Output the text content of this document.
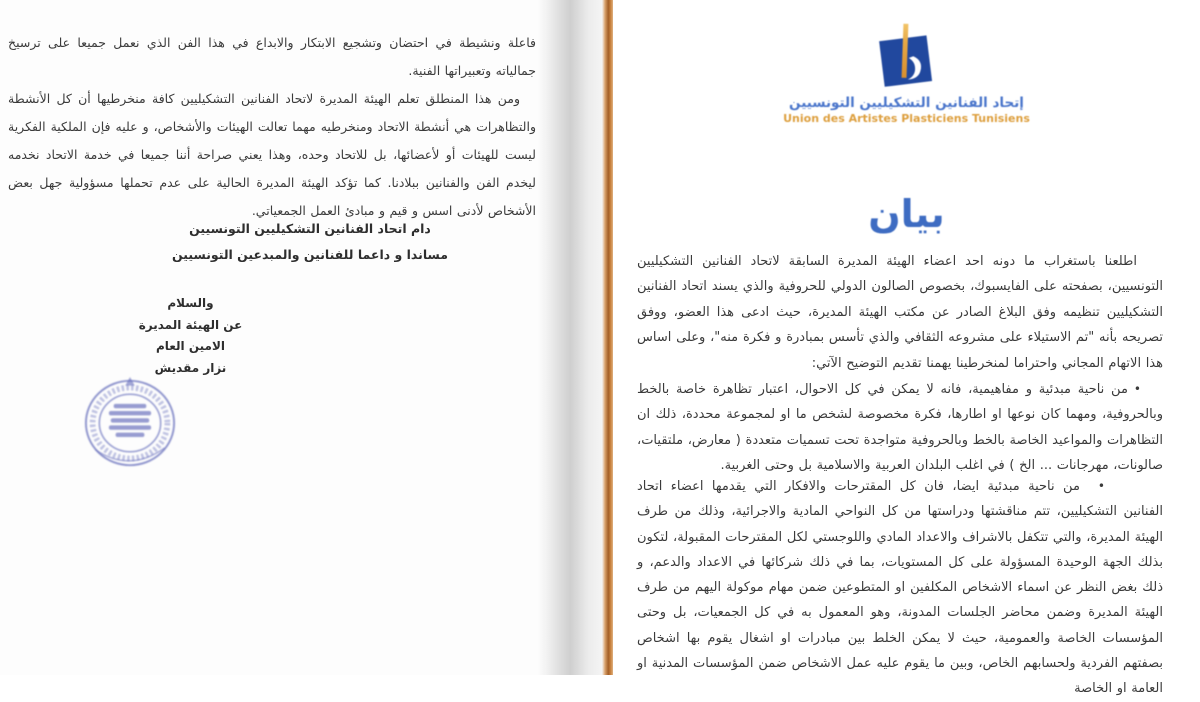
فاعلة ونشيطة في احتضان وتشجيع الابتكار والابداع في هذا الفن الذي نعمل جميعا على ترسيخ جمالياته وتعبيراتها الفنية.

ومن هذا المنطلق تعلم الهيئة المديرة لاتحاد الفنانين التشكيليين كافة منخرطيها أن كل الأنشطة والتظاهرات هي أنشطة الاتحاد ومنخرطيه مهما تعالت الهيئات والأشخاص، و عليه فإن الملكية الفكرية ليست للهيئات أو لأعضائها، بل للاتحاد وحده، وهذا يعني صراحة أننا جميعا في خدمة الاتحاد نخدمه ليخدم الفن والفنانين ببلادنا. كما تؤكد الهيئة المديرة الحالية على عدم تحملها مسؤولية جهل بعض الأشخاص لأدنى اسس و قيم و مبادئ العمل الجمعياتي.

دام اتحاد الفنانين التشكيليين التونسيين
مساندا و داعما للفنانين والمبدعين التونسيين
والسلام
عن الهيئة المديرة
الامين العام
نزار مقديش
إتحاد الفنانين التشكيليين التونسيين
Union des Artistes Plasticiens Tunisiens
بيان

اطلعنا باستغراب ما دونه احد اعضاء الهيئة المديرة السابقة لاتحاد الفنانين التشكيليين التونسيين، بصفحته على الفايسبوك، بخصوص الصالون الدولي للحروفية والذي يسند اتحاد الفنانين التشكيليين تنظيمه وفق البلاغ الصادر عن مكتب الهيئة المديرة، حيث ادعى هذا العضو، ووفق تصريحه بأنه "تم الاستيلاء على مشروعه الثقافي والذي تأسس بمبادرة و فكرة منه"، وعلى اساس هذا الاتهام المجاني واحتراما لمنخرطينا يهمنا تقديم التوضيح الآتي:

•من ناحية مبدئية و مفاهيمية، فانه لا يمكن في كل الاحوال، اعتبار تظاهرة خاصة بالخط وبالحروفية، ومهما كان نوعها او اطارها، فكرة مخصوصة لشخص ما او لمجموعة محددة، ذلك ان التظاهرات والمواعيد الخاصة بالخط وبالحروفية متواجدة تحت تسميات متعددة ( معارض، ملتقيات، صالونات، مهرجانات ... الخ ) في اغلب البلدان العربية والاسلامية بل وحتى الغربية.

•من ناحية مبدئية ايضا، فان كل المقترحات والافكار التي يقدمها اعضاء اتحاد الفنانين التشكيليين، تتم مناقشتها ودراستها من كل النواحي المادية والاجرائية، وذلك من طرف الهيئة المديرة، والتي تتكفل بالاشراف والاعداد المادي واللوجستي لكل المقترحات المقبولة، لتكون بذلك الجهة الوحيدة المسؤولة على كل المستويات، بما في ذلك شركائها في الاعداد والدعم، و ذلك بغض النظر عن اسماء الاشخاص المكلفين او المتطوعين ضمن مهام موكولة اليهم من طرف الهيئة المديرة وضمن محاضر الجلسات المدونة، وهو المعمول به في كل الجمعيات، بل وحتى المؤسسات الخاصة والعمومية، حيث لا يمكن الخلط بين مبادرات او اشغال يقوم بها اشخاص بصفتهم الفردية ولحسابهم الخاص، وبين ما يقوم عليه عمل الاشخاص ضمن المؤسسات المدنية او العامة او الخاصة
